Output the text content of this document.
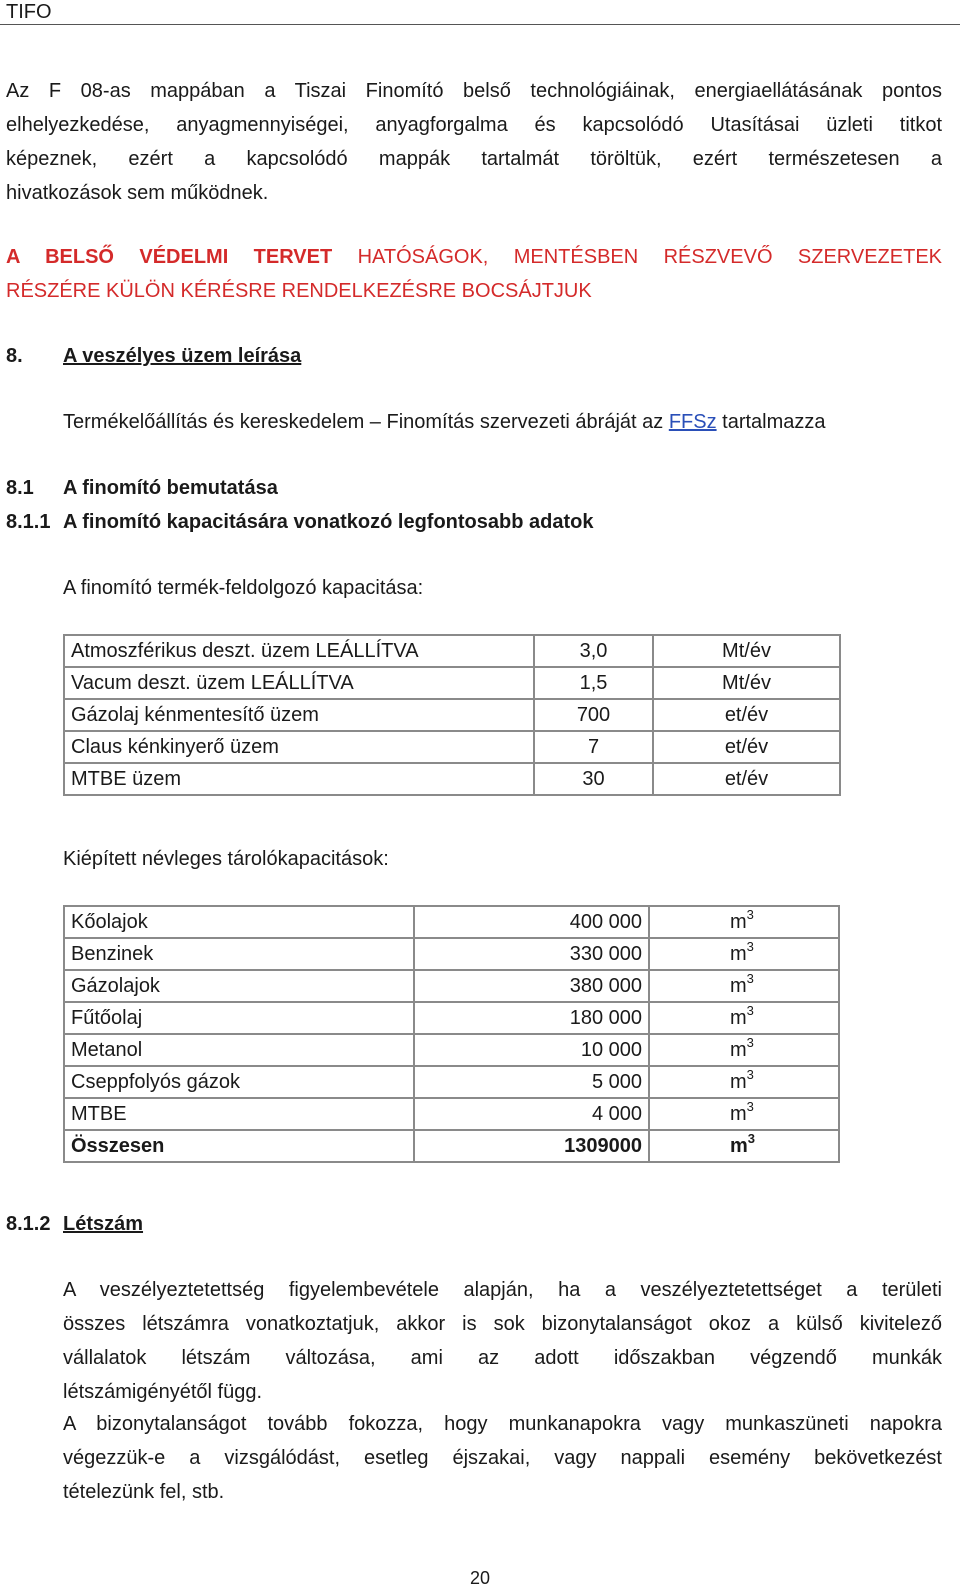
TIFO
Az F 08-as mappában a Tiszai Finomító belső technológiáinak, energiaellátásának pontos
elhelyezkedése, anyagmennyiségei, anyagforgalma és kapcsolódó Utasításai üzleti titkot
képeznek, ezért a kapcsolódó mappák tartalmát töröltük, ezért természetesen a
hivatkozások sem működnek.
A BELSŐ VÉDELMI TERVET HATÓSÁGOK, MENTÉSBEN RÉSZVEVŐ SZERVEZETEK
RÉSZÉRE KÜLÖN KÉRÉSRE RENDELKEZÉSRE BOCSÁJTJUK
8. A veszélyes üzem leírása
Termékelőállítás és kereskedelem – Finomítás szervezeti ábráját az FFSz tartalmazza
8.1 A finomító bemutatása
8.1.1 A finomító kapacitására vonatkozó legfontosabb adatok
A finomító termék-feldolgozó kapacitása:
Atmoszférikus deszt. üzem LEÁLLÍTVA	3,0	Mt/év
Vacum deszt. üzem LEÁLLÍTVA	1,5	Mt/év
Gázolaj kénmentesítő üzem	700	et/év
Claus kénkinyerő üzem	7	et/év
MTBE üzem	30	et/év
Kiépített névleges tárolókapacitások:
Kőolajok	400 000	$m^3$
Benzinek	330 000	$m^3$
Gázolajok	380 000	$m^3$
Fűtőolaj	180 000	$m^3$
Metanol	10 000	$m^3$
Cseppfolyós gázok	5 000	$m^3$
MTBE	4 000	$m^3$
Összesen	1309000	$m^3$
8.1.2 Létszám
A veszélyeztetettség figyelembevétele alapján, ha a veszélyeztetettséget a területi
összes létszámra vonatkoztatjuk, akkor is sok bizonytalanságot okoz a külső kivitelező
vállalatok létszám változása, ami az adott időszakban végzendő munkák
létszámigényétől függ.
A bizonytalanságot tovább fokozza, hogy munkanapokra vagy munkaszüneti napokra
végezzük-e a vizsgálódást, esetleg éjszakai, vagy nappali esemény bekövetkezést
tételezünk fel, stb.
20
